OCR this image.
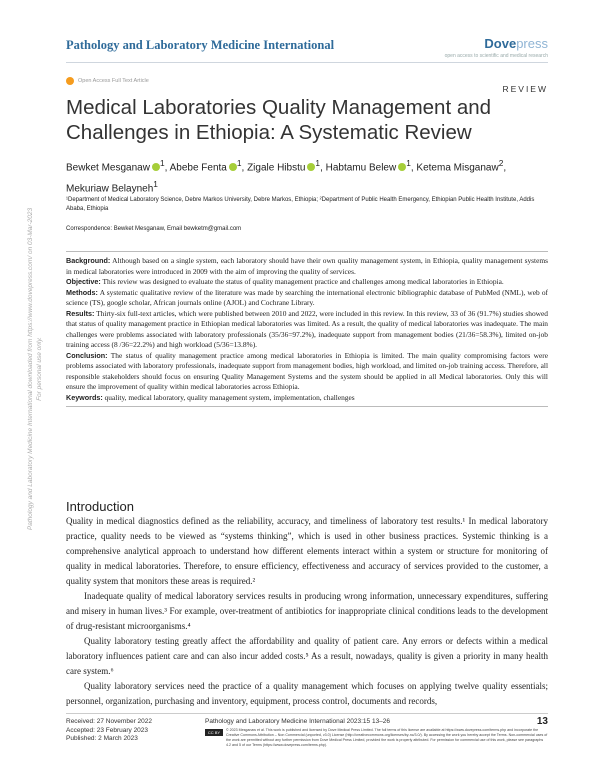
Pathology and Laboratory Medicine International	Dovepress
open access to scientific and medical research
Open Access Full Text Article
REVIEW
Medical Laboratories Quality Management and Challenges in Ethiopia: A Systematic Review
Bewket Mesganaw $^1$, Abebe Fenta $^1$, Zigale Hibstu $^1$, Habtamu Belew $^1$, Ketema Misganaw$^2$,
Mekuriaw Belayneh$^1$
¹Department of Medical Laboratory Science, Debre Markos University, Debre Markos, Ethiopia; ²Department of Public Health Emergency, Ethiopian Public Health Institute, Addis Ababa, Ethiopia
Correspondence: Bewket Mesganaw, Email bewketm@gmail.com

Background: Although based on a single system, each laboratory should have their own quality management system, in Ethiopia, quality management systems in medical laboratories were introduced in 2009 with the aim of improving the quality of services.

Objective: This review was designed to evaluate the status of quality management practice and challenges among medical laboratories in Ethiopia.

Methods: A systematic qualitative review of the literature was made by searching the international electronic bibliographic database of PubMed (NML), web of science (TS), google scholar, African journals online (AJOL) and Cochrane Library.

Results: Thirty-six full-text articles, which were published between 2010 and 2022, were included in this review. In this review, 33 of 36 (91.7%) studies showed that status of quality management practice in Ethiopian medical laboratories was limited. As a result, the quality of medical laboratories was inadequate. The main challenges were problems associated with laboratory professionals (35/36=97.2%), inadequate support from management bodies (21/36=58.3%), limited on-job training access (8 /36=22.2%) and high workload (5/36=13.8%).

Conclusion: The status of quality management practice among medical laboratories in Ethiopia is limited. The main quality compromising factors were problems associated with laboratory professionals, inadequate support from management bodies, high workload, and limited on-job training access. Therefore, all responsible stakeholders should focus on ensuring Quality Management Systems and the system should be applied in all Medical laboratories. Only this will ensure the improvement of quality within medical laboratories across Ethiopia.

Keywords: quality, medical laboratory, quality management system, implementation, challenges

Introduction

Quality in medical diagnostics defined as the reliability, accuracy, and timeliness of laboratory test results.¹ In medical laboratory practice, quality needs to be viewed as “systems thinking”, which is used in other business practices. Systemic thinking is a comprehensive analytical approach to understand how different elements interact within a system or structure for monitoring of quality in medical laboratories. Therefore, to ensure efficiency, effectiveness and accuracy of services provided to the customer, a quality system that monitors these areas is required.²

Inadequate quality of medical laboratory services results in producing wrong information, unnecessary expenditures, suffering and misery in human lives.³ For example, over-treatment of antibiotics for inappropriate clinical conditions leads to the development of drug-resistant microorganisms.⁴

Quality laboratory testing greatly affect the affordability and quality of patient care. Any errors or defects within a medical laboratory influences patient care and can also incur added costs.⁵ As a result, nowadays, quality is given a priority in many health care system.⁶

Quality laboratory services need the practice of a quality management which focuses on applying twelve quality essentials; personnel, organization, purchasing and inventory, equipment, process control, documents and records,

Pathology and Laboratory Medicine International downloaded from https://www.dovepress.com/ on 03-Mar-2023 For personal use only.
Received: 27 November 2022
Accepted: 23 February 2023
Published: 2 March 2023
Pathology and Laboratory Medicine International 2023:15 13–26	13
CC BY NC
© 2023 Mesganaw et al. This work is published and licensed by Dove Medical Press Limited. The full terms of this license are available at https://www.dovepress.com/terms.php and incorporate the Creative Commons Attribution – Non Commercial (unported, v3.0) License (http://creativecommons.org/licenses/by-nc/3.0/). By accessing the work you hereby accept the Terms. Non-commercial uses of the work are permitted without any further permission from Dove Medical Press Limited, provided the work is properly attributed. For permission for commercial use of this work, please see paragraphs 4.2 and 5 of our Terms (https://www.dovepress.com/terms.php).
